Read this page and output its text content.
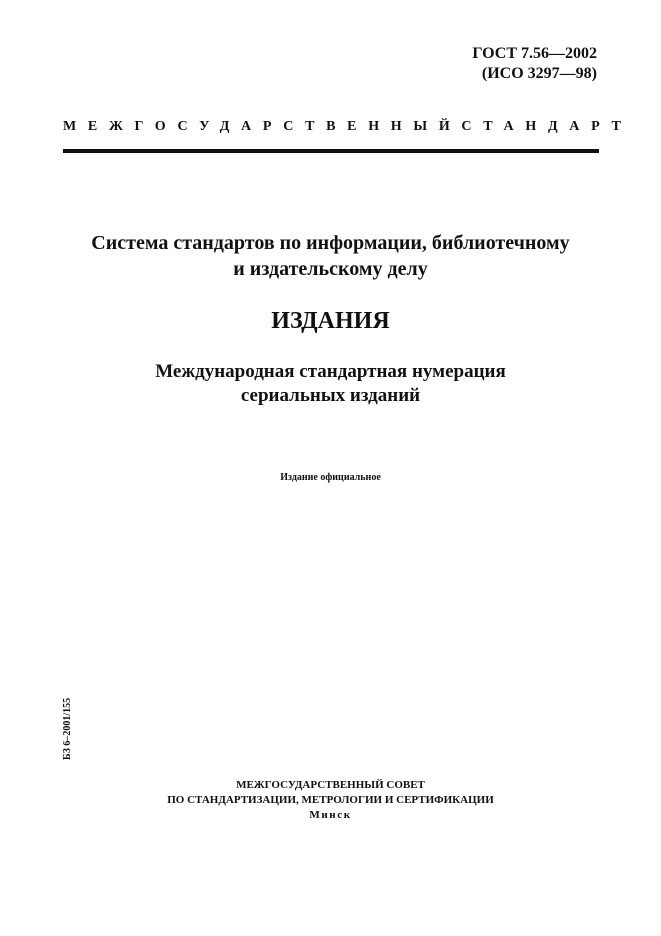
ГОСТ 7.56—2002
(ИСО 3297—98)
МЕЖГОСУДАРСТВЕННЫЙ СТАНДАРТ
Система стандартов по информации, библиотечному
и издательскому делу
ИЗДАНИЯ
Международная стандартная нумерация
сериальных изданий
Издание официальное
БЗ 6–2001/155
МЕЖГОСУДАРСТВЕННЫЙ СОВЕТ
ПО СТАНДАРТИЗАЦИИ, МЕТРОЛОГИИ И СЕРТИФИКАЦИИ
Минск
